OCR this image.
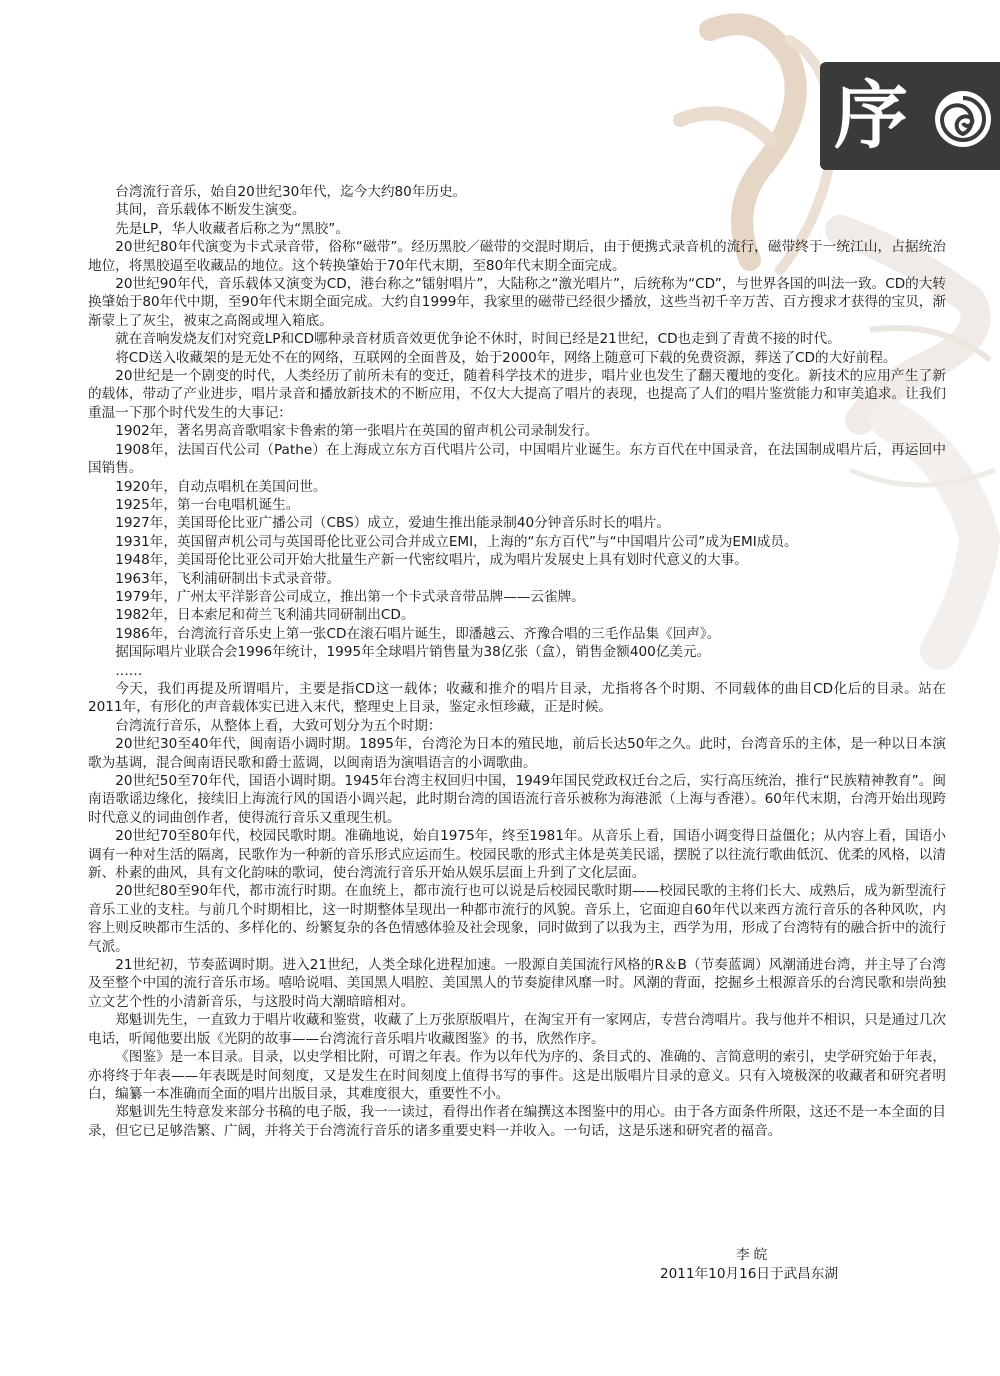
序

台湾流行音乐，始自20世纪30年代，迄今大约80年历史。

其间，音乐载体不断发生演变。

先是LP，华人收藏者后称之为“黑胶”。

20世纪80年代演变为卡式录音带，俗称“磁带”。经历黑胶／磁带的交混时期后，由于便携式录音机的流行，磁带终于一统江山，占据统治地位，将黑胶逼至收藏品的地位。这个转换肇始于70年代末期，至80年代末期全面完成。

20世纪90年代，音乐载体又演变为CD，港台称之“镭射唱片”，大陆称之“激光唱片”，后统称为“CD”，与世界各国的叫法一致。CD的大转换肇始于80年代中期，至90年代末期全面完成。大约自1999年，我家里的磁带已经很少播放，这些当初千辛万苦、百方搜求才获得的宝贝，渐渐蒙上了灰尘，被束之高阁或埋入箱底。

就在音响发烧友们对究竟LP和CD哪种录音材质音效更优争论不休时，时间已经是21世纪，CD也走到了青黄不接的时代。

将CD送入收藏架的是无处不在的网络，互联网的全面普及，始于2000年，网络上随意可下载的免费资源，葬送了CD的大好前程。

20世纪是一个剧变的时代，人类经历了前所未有的变迁，随着科学技术的进步，唱片业也发生了翻天覆地的变化。新技术的应用产生了新的载体，带动了产业进步，唱片录音和播放新技术的不断应用，不仅大大提高了唱片的表现，也提高了人们的唱片鉴赏能力和审美追求。让我们重温一下那个时代发生的大事记：

1902年，著名男高音歌唱家卡鲁索的第一张唱片在英国的留声机公司录制发行。

1908年，法国百代公司（Pathe）在上海成立东方百代唱片公司，中国唱片业诞生。东方百代在中国录音，在法国制成唱片后，再运回中国销售。

1920年，自动点唱机在美国问世。

1925年，第一台电唱机诞生。

1927年，美国哥伦比亚广播公司（CBS）成立，爱迪生推出能录制40分钟音乐时长的唱片。

1931年，英国留声机公司与英国哥伦比亚公司合并成立EMI，上海的“东方百代”与“中国唱片公司”成为EMI成员。

1948年，美国哥伦比亚公司开始大批量生产新一代密纹唱片，成为唱片发展史上具有划时代意义的大事。

1963年，飞利浦研制出卡式录音带。

1979年，广州太平洋影音公司成立，推出第一个卡式录音带品牌——云雀牌。

1982年，日本索尼和荷兰飞利浦共同研制出CD。

1986年，台湾流行音乐史上第一张CD在滚石唱片诞生，即潘越云、齐豫合唱的三毛作品集《回声》。

据国际唱片业联合会1996年统计，1995年全球唱片销售量为38亿张（盒），销售金额400亿美元。

……

今天，我们再提及所谓唱片，主要是指CD这一载体；收藏和推介的唱片目录，尤指将各个时期、不同载体的曲目CD化后的目录。站在2011年，有形化的声音载体实已进入末代，整理史上目录，鉴定永恒珍藏，正是时候。

台湾流行音乐，从整体上看，大致可划分为五个时期：

20世纪30至40年代，闽南语小调时期。1895年，台湾沦为日本的殖民地，前后长达50年之久。此时，台湾音乐的主体，是一种以日本演歌为基调，混合闽南语民歌和爵士蓝调，以闽南语为演唱语言的小调歌曲。

20世纪50至70年代，国语小调时期。1945年台湾主权回归中国，1949年国民党政权迁台之后，实行高压统治，推行“民族精神教育”。闽南语歌谣边缘化，接续旧上海流行风的国语小调兴起，此时期台湾的国语流行音乐被称为海港派（上海与香港）。60年代末期，台湾开始出现跨时代意义的词曲创作者，使得流行音乐又重现生机。

20世纪70至80年代，校园民歌时期。准确地说，始自1975年，终至1981年。从音乐上看，国语小调变得日益僵化；从内容上看，国语小调有一种对生活的隔离，民歌作为一种新的音乐形式应运而生。校园民歌的形式主体是英美民谣，摆脱了以往流行歌曲低沉、优柔的风格，以清新、朴素的曲风，具有文化韵味的歌词，使台湾流行音乐开始从娱乐层面上升到了文化层面。

20世纪80至90年代，都市流行时期。在血统上，都市流行也可以说是后校园民歌时期——校园民歌的主将们长大、成熟后，成为新型流行音乐工业的支柱。与前几个时期相比，这一时期整体呈现出一种都市流行的风貌。音乐上，它面迎自60年代以来西方流行音乐的各种风吹，内容上则反映都市生活的、多样化的、纷繁复杂的各色情感体验及社会现象，同时做到了以我为主，西学为用，形成了台湾特有的融合折中的流行气派。

21世纪初，节奏蓝调时期。进入21世纪，人类全球化进程加速。一股源自美国流行风格的R＆B（节奏蓝调）风潮涌进台湾，并主导了台湾及至整个中国的流行音乐市场。嘻哈说唱、美国黑人唱腔、美国黑人的节奏旋律风靡一时。风潮的背面，挖掘乡土根源音乐的台湾民歌和崇尚独立文艺个性的小清新音乐，与这股时尚大潮暗暗相对。

郑魁训先生，一直致力于唱片收藏和鉴赏，收藏了上万张原版唱片，在淘宝开有一家网店，专营台湾唱片。我与他并不相识，只是通过几次电话，听闻他要出版《光阴的故事——台湾流行音乐唱片收藏图鉴》的书，欣然作序。

《图鉴》是一本目录。目录，以史学相比附，可谓之年表。作为以年代为序的、条目式的、准确的、言简意明的索引，史学研究始于年表，亦将终于年表——年表既是时间刻度，又是发生在时间刻度上值得书写的事件。这是出版唱片目录的意义。只有入境极深的收藏者和研究者明白，编纂一本准确而全面的唱片出版目录，其难度很大，重要性不小。

郑魁训先生特意发来部分书稿的电子版，我一一读过，看得出作者在编撰这本图鉴中的用心。由于各方面条件所限，这还不是一本全面的目录，但它已足够浩繁、广阔，并将关于台湾流行音乐的诸多重要史料一并收入。一句话，这是乐迷和研究者的福音。

李皖
2011年10月16日于武昌东湖
